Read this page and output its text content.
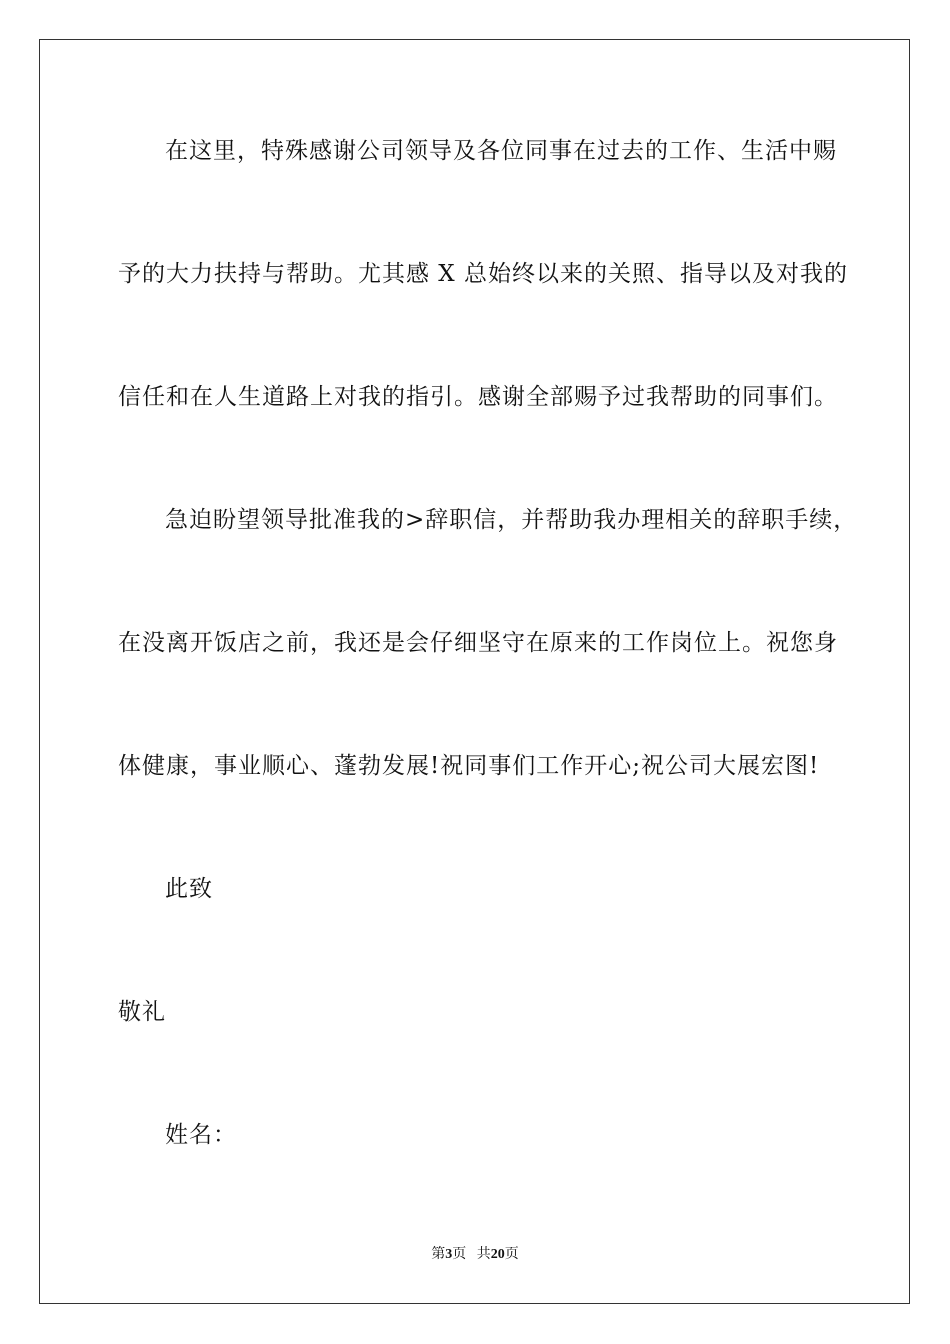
在这里，特殊感谢公司领导及各位同事在过去的工作、生活中赐
予的大力扶持与帮助。尤其感 X 总始终以来的关照、指导以及对我的
信任和在人生道路上对我的指引。感谢全部赐予过我帮助的同事们。
急迫盼望领导批准我的>辞职信，并帮助我办理相关的辞职手续，
在没离开饭店之前，我还是会仔细坚守在原来的工作岗位上。祝您身
体健康，事业顺心、蓬勃发展!祝同事们工作开心;祝公司大展宏图!
此致
敬礼
姓名：
第3页 共20页
